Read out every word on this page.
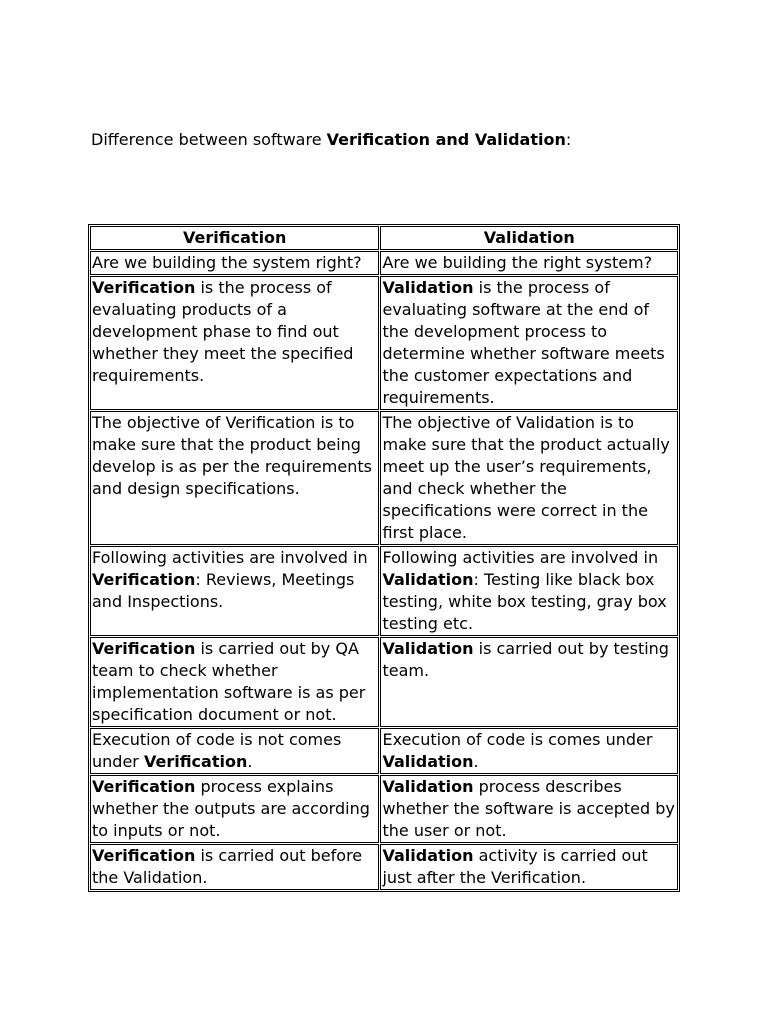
Difference between software Verification and Validation:
Verification	Validation
Are we building the system right?	Are we building the right system?
Verification is the process of evaluating products of a development phase to find out whether they meet the specified requirements.	Validation is the process of evaluating software at the end of the development process to determine whether software meets the customer expectations and requirements.
The objective of Verification is to make sure that the product being develop is as per the requirements and design specifications.	The objective of Validation is to make sure that the product actually meet up the user’s requirements, and check whether the specifications were correct in the first place.
Following activities are involved in Verification: Reviews, Meetings and Inspections.	Following activities are involved in Validation: Testing like black box testing, white box testing, gray box testing etc.
Verification is carried out by QA team to check whether implementation software is as per specification document or not.	Validation is carried out by testing team.
Execution of code is not comes under Verification.	Execution of code is comes under Validation.
Verification process explains whether the outputs are according to inputs or not.	Validation process describes whether the software is accepted by the user or not.
Verification is carried out before the Validation.	Validation activity is carried out just after the Verification.
